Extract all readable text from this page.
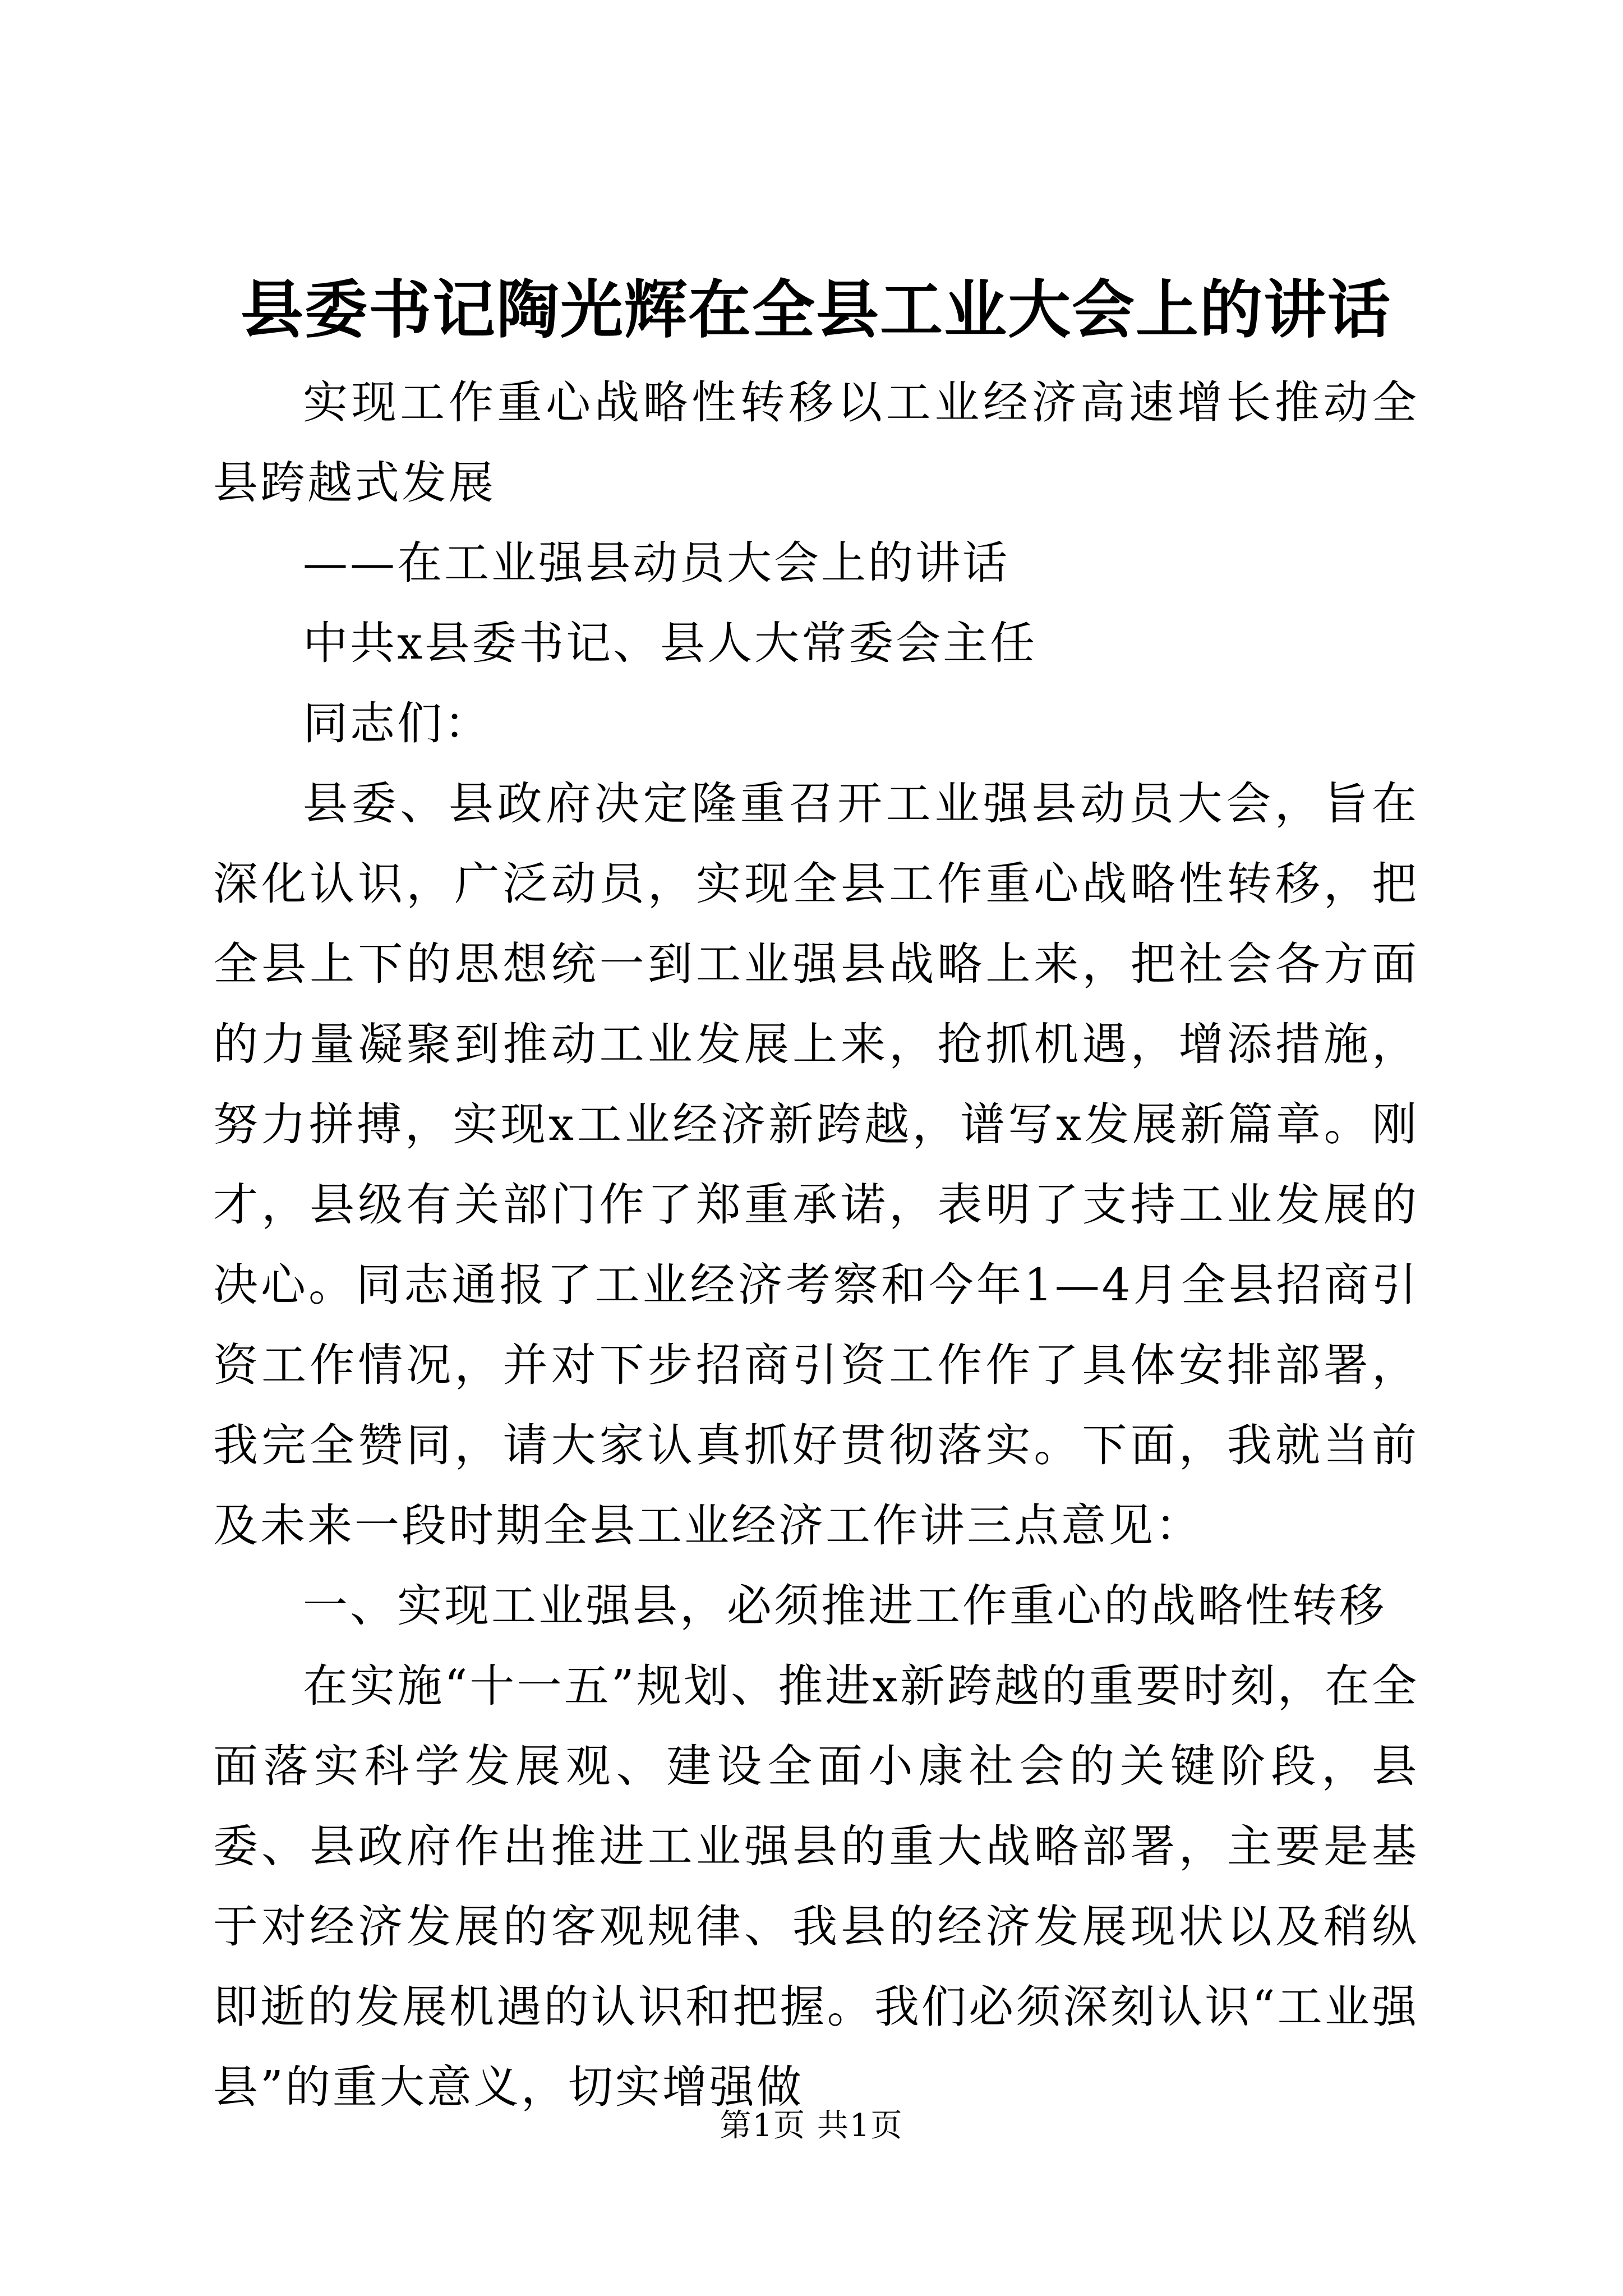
县委书记陶光辉在全县工业大会上的讲话

实现工作重心战略性转移以工业经济高速增长推动全县跨越式发展

——在工业强县动员大会上的讲话

中共x县委书记、县人大常委会主任

同志们：

县委、县政府决定隆重召开工业强县动员大会，旨在深化认识，广泛动员，实现全县工作重心战略性转移，把全县上下的思想统一到工业强县战略上来，把社会各方面的力量凝聚到推动工业发展上来，抢抓机遇，增添措施，努力拼搏，实现x工业经济新跨越，谱写x发展新篇章。刚才，县级有关部门作了郑重承诺，表明了支持工业发展的决心。同志通报了工业经济考察和今年1—4月全县招商引资工作情况，并对下步招商引资工作作了具体安排部署，我完全赞同，请大家认真抓好贯彻落实。下面，我就当前及未来一段时期全县工业经济工作讲三点意见：

一、实现工业强县，必须推进工作重心的战略性转移

在实施“十一五”规划、推进x新跨越的重要时刻，在全面落实科学发展观、建设全面小康社会的关键阶段，县委、县政府作出推进工业强县的重大战略部署，主要是基于对经济发展的客观规律、我县的经济发展现状以及稍纵即逝的发展机遇的认识和把握。我们必须深刻认识“工业强县”的重大意义，切实增强做

第1页 共1页
